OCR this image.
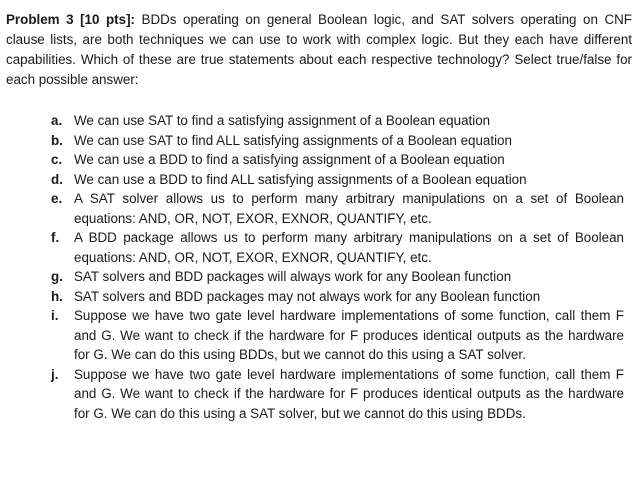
Problem 3 [10 pts]: BDDs operating on general Boolean logic, and SAT solvers operating on CNF clause lists, are both techniques we can use to work with complex logic. But they each have different capabilities. Which of these are true statements about each respective technology? Select true/false for each possible answer:

a. We can use SAT to find a satisfying assignment of a Boolean equation
b. We can use SAT to find ALL satisfying assignments of a Boolean equation
c. We can use a BDD to find a satisfying assignment of a Boolean equation
d. We can use a BDD to find ALL satisfying assignments of a Boolean equation
e. A SAT solver allows us to perform many arbitrary manipulations on a set of Boolean equations: AND, OR, NOT, EXOR, EXNOR, QUANTIFY, etc.
f.	A BDD package allows us to perform many arbitrary manipulations on a set of Boolean equations: AND, OR, NOT, EXOR, EXNOR, QUANTIFY, etc.
g. SAT solvers and BDD packages will always work for any Boolean function
h. SAT solvers and BDD packages may not always work for any Boolean function
i.	Suppose we have two gate level hardware implementations of some function, call them F and G. We want to check if the hardware for F produces identical outputs as the hardware for G. We can do this using BDDs, but we cannot do this using a SAT solver.
j.	Suppose we have two gate level hardware implementations of some function, call them F and G. We want to check if the hardware for F produces identical outputs as the hardware for G. We can do this using a SAT solver, but we cannot do this using BDDs.
